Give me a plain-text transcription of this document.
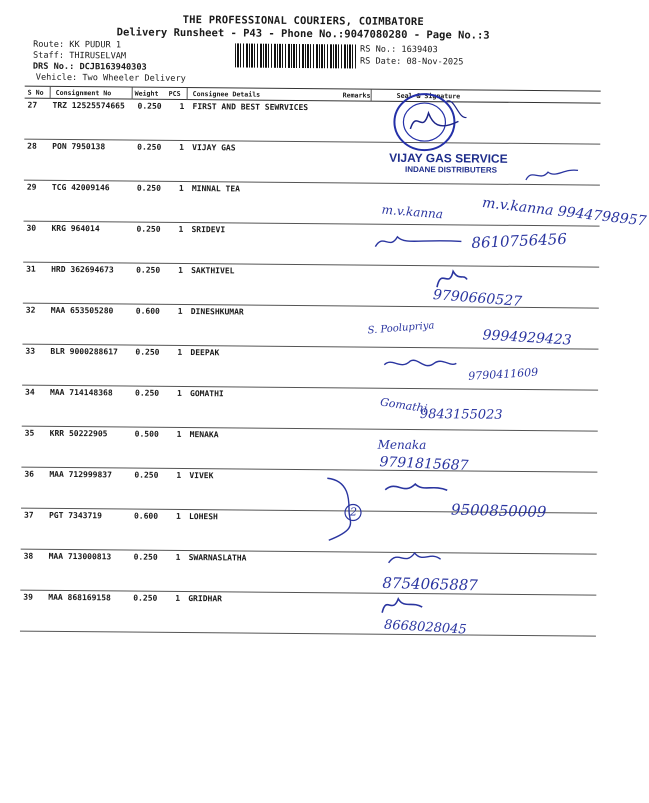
THE PROFESSIONAL COURIERS, COIMBATORE
Delivery Runsheet - P43 - Phone No.:9047080280 - Page No.:3
Route: KK PUDUR 1
Staff: THIRUSELVAM
DRS No.: DCJB163940303
Vehicle: Two Wheeler Delivery
RS No.: 1639403
RS Date: 08-Nov-2025
S No Consignment No	Weight PCS Consignee Details	Remarks	Seal & Signature
27 TRZ 12525574665 0.250 1 FIRST AND BEST SEWRVICES
28 PON 7950138	0.250 1 VIJAY GAS
29 TCG 42009146	0.250 1 MINNAL TEA
30 KRG 964014	0.250 1 SRIDEVI
31 HRD 362694673	0.250 1 SAKTHIVEL
32 MAA 653505280	0.600 1 DINESHKUMAR
33 BLR 9000288617 0.250 1 DEEPAK
34 MAA 714148368	0.250 1 GOMATHI
35 KRR 50222905	0.500 1 MENAKA
36 MAA 712999837	0.250 1 VIVEK
37 PGT 7343719	0.600 1 LOHESH
38 MAA 713000813	0.250 1 SWARNASLATHA
39 MAA 868169158	0.250 1 GRIDHAR
VIJAY GAS SERVICE
INDANE DISTRIBUTERS
m.v.kanna	m.v.kanna 9944798957
8610756456
9790660527
S. Poolupriya	9994929423
9790411609
Gomathi
9843155023
Menaka
9791815687
9500850009
8754065887
8668028045
2
